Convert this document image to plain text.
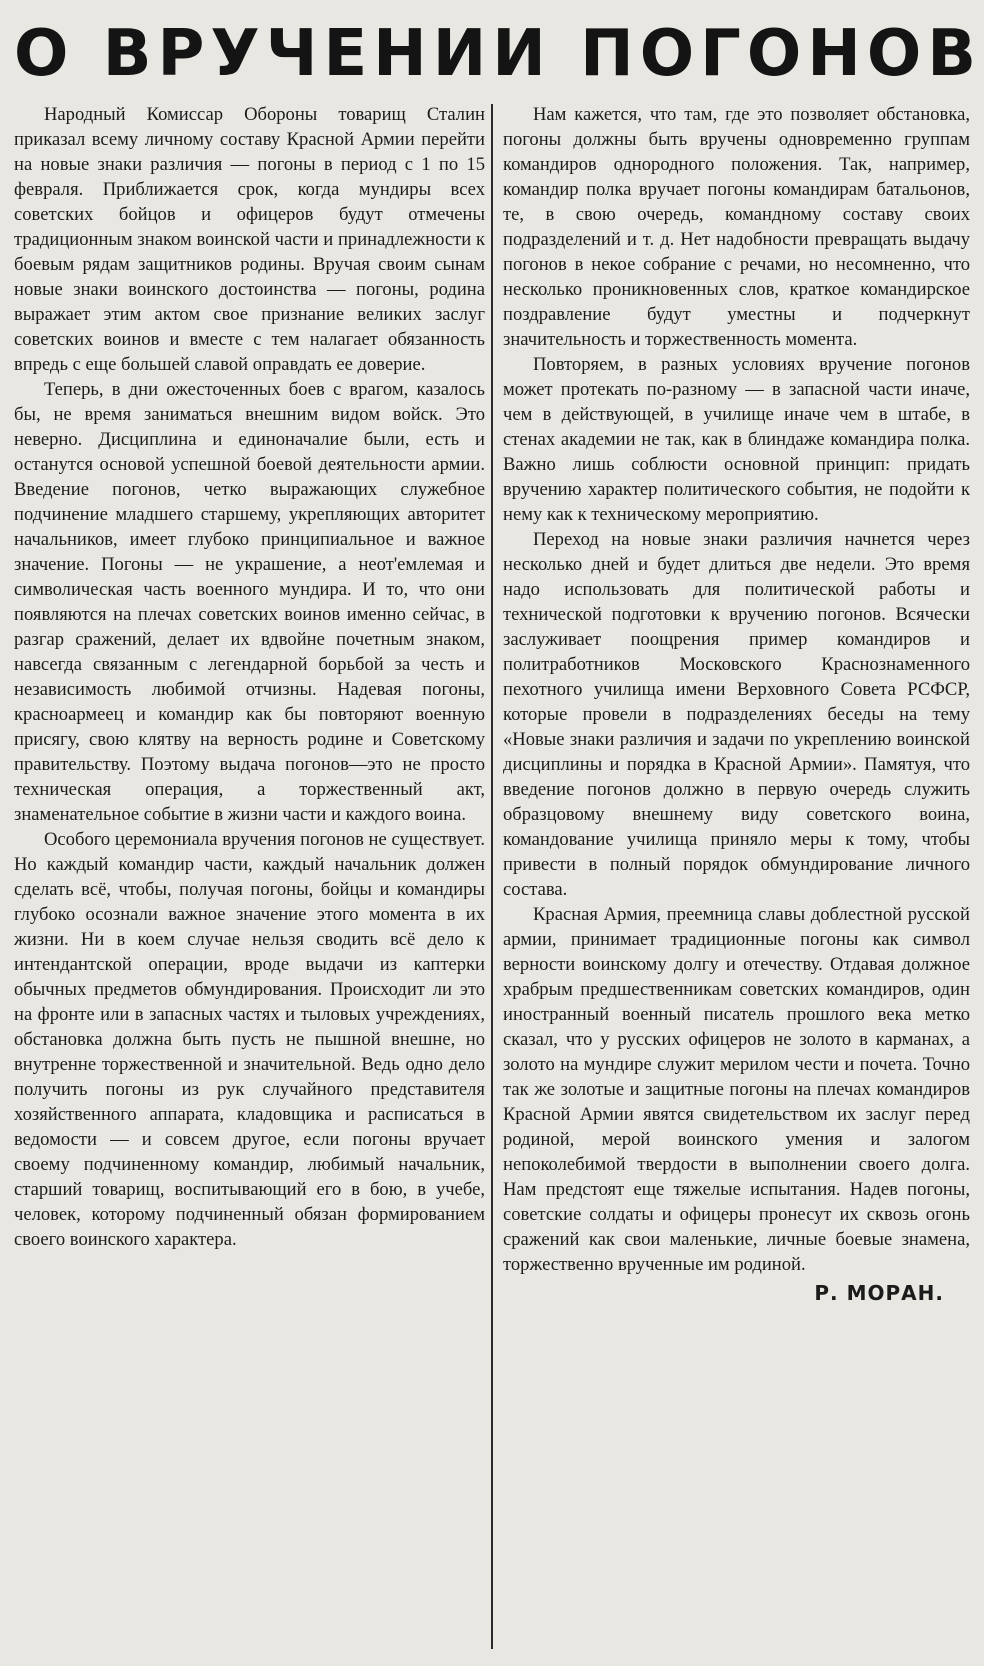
О ВРУЧЕНИИ ПОГОНОВ

Народный Комиссар Обороны товарищ Сталин приказал всему личному составу Красной Армии перейти на новые знаки различия — погоны в период с 1 по 15 февраля. Приближается срок, когда мундиры всех советских бойцов и офицеров будут отмечены традиционным знаком воинской части и принадлежности к боевым рядам защитников родины. Вручая своим сынам новые знаки воинского достоинства — погоны, родина выражает этим актом свое признание великих заслуг советских воинов и вместе с тем налагает обязанность впредь с еще большей славой оправдать ее доверие.

Теперь, в дни ожесточенных боев с врагом, казалось бы, не время заниматься внешним видом войск. Это неверно. Дисциплина и единоначалие были, есть и останутся основой успешной боевой деятельности армии. Введение погонов, четко выражающих служебное подчинение младшего старшему, укрепляющих авторитет начальников, имеет глубоко принципиальное и важное значение. Погоны — не украшение, а неот'емлемая и символическая часть военного мундира. И то, что они появляются на плечах советских воинов именно сейчас, в разгар сражений, делает их вдвойне почетным знаком, навсегда связанным с легендарной борьбой за честь и независимость любимой отчизны. Надевая погоны, красноармеец и командир как бы повторяют военную присягу, свою клятву на верность родине и Советскому правительству. Поэтому выдача погонов—это не просто техническая операция, а торжественный акт, знаменательное событие в жизни части и каждого воина.

Особого церемониала вручения погонов не существует. Но каждый командир части, каждый начальник должен сделать всё, чтобы, получая погоны, бойцы и командиры глубоко осознали важное значение этого момента в их жизни. Ни в коем случае нельзя сводить всё дело к интендантской операции, вроде выдачи из каптерки обычных предметов обмундирования. Происходит ли это на фронте или в запасных частях и тыловых учреждениях, обстановка должна быть пусть не пышной внешне, но внутренне торжественной и значительной. Ведь одно дело получить погоны из рук случайного представителя хозяйственного аппарата, кладовщика и расписаться в ведомости — и совсем другое, если погоны вручает своему подчиненному командир, любимый начальник, старший товарищ, воспитывающий его в бою, в учебе, человек, которому подчиненный обязан формированием своего воинского характера.

Нам кажется, что там, где это позволяет обстановка, погоны должны быть вручены одновременно группам командиров однородного положения. Так, например, командир полка вручает погоны командирам батальонов, те, в свою очередь, командному составу своих подразделений и т. д. Нет надобности превращать выдачу погонов в некое собрание с речами, но несомненно, что несколько проникновенных слов, краткое командирское поздравление будут уместны и подчеркнут значительность и торжественность момента.

Повторяем, в разных условиях вручение погонов может протекать по-разному — в запасной части иначе, чем в действующей, в училище иначе чем в штабе, в стенах академии не так, как в блиндаже командира полка. Важно лишь соблюсти основной принцип: придать вручению характер политического события, не подойти к нему как к техническому мероприятию.

Переход на новые знаки различия начнется через несколько дней и будет длиться две недели. Это время надо использовать для политической работы и технической подготовки к вручению погонов. Всячески заслуживает поощрения пример командиров и политработников Московского Краснознаменного пехотного училища имени Верховного Совета РСФСР, которые провели в подразделениях беседы на тему «Новые знаки различия и задачи по укреплению воинской дисциплины и порядка в Красной Армии». Памятуя, что введение погонов должно в первую очередь служить образцовому внешнему виду советского воина, командование училища приняло меры к тому, чтобы привести в полный порядок обмундирование личного состава.

Красная Армия, преемница славы доблестной русской армии, принимает традиционные погоны как символ верности воинскому долгу и отечеству. Отдавая должное храбрым предшественникам советских командиров, один иностранный военный писатель прошлого века метко сказал, что у русских офицеров не золото в карманах, а золото на мундире служит мерилом чести и почета. Точно так же золотые и защитные погоны на плечах командиров Красной Армии явятся свидетельством их заслуг перед родиной, мерой воинского умения и залогом непоколебимой твердости в выполнении своего долга. Нам предстоят еще тяжелые испытания. Надев погоны, советские солдаты и офицеры пронесут их сквозь огонь сражений как свои маленькие, личные боевые знамена, торжественно врученные им родиной.

Р. МОРАН.
